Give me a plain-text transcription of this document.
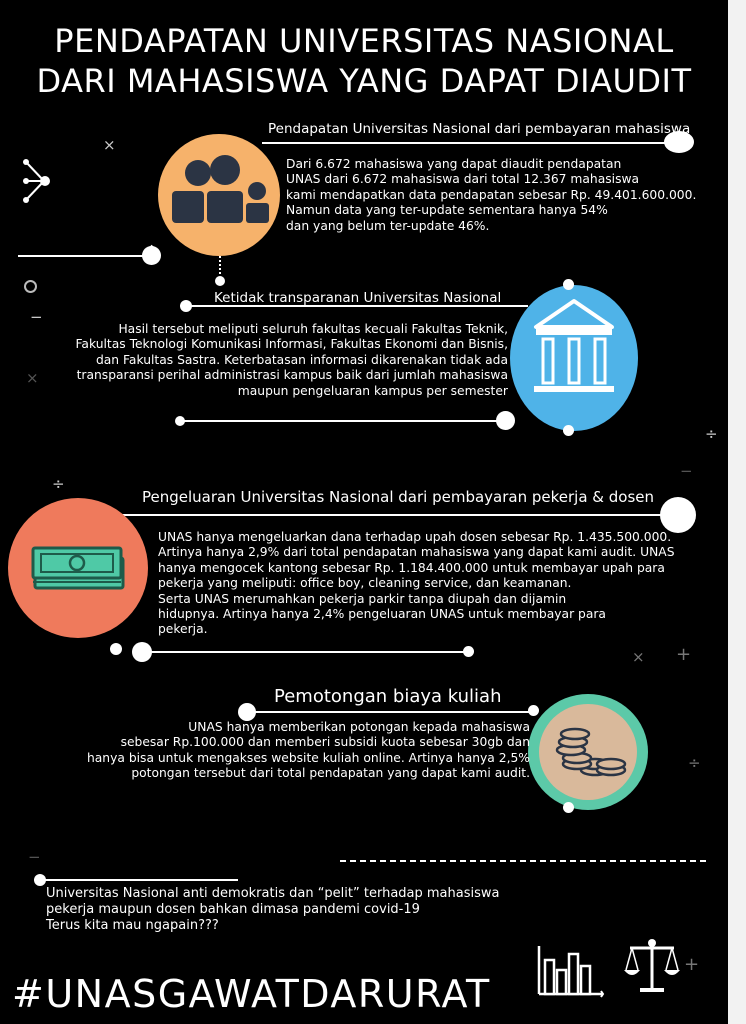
PENDAPATAN UNIVERSITAS NASIONAL
DARI MAHASISWA YANG DAPAT DIAUDIT
×
−
×
÷
÷
−
× +
÷
−
+
Pendapatan Universitas Nasional dari pembayaran mahasiswa
Dari 6.672 mahasiswa yang dapat diaudit pendapatan
UNAS dari 6.672 mahasiswa dari total 12.367 mahasiswa
kami mendapatkan data pendapatan sebesar Rp. 49.401.600.000.
Namun data yang ter-update sementara hanya 54%
dan yang belum ter-update 46%.
Ketidak transparanan Universitas Nasional
Hasil tersebut meliputi seluruh fakultas kecuali Fakultas Teknik,
Fakultas Teknologi Komunikasi Informasi, Fakultas Ekonomi dan Bisnis,
dan Fakultas Sastra. Keterbatasan informasi dikarenakan tidak ada
transparansi perihal administrasi kampus baik dari jumlah mahasiswa
maupun pengeluaran kampus per semester
Pengeluaran Universitas Nasional dari pembayaran pekerja & dosen
UNAS hanya mengeluarkan dana terhadap upah dosen sebesar Rp. 1.435.500.000.
Artinya hanya 2,9% dari total pendapatan mahasiswa yang dapat kami audit. UNAS
hanya mengocek kantong sebesar Rp. 1.184.400.000 untuk membayar upah para
pekerja yang meliputi: office boy, cleaning service, dan keamanan.
Serta UNAS merumahkan pekerja parkir tanpa diupah dan dijamin
hidupnya. Artinya hanya 2,4% pengeluaran UNAS untuk membayar para
pekerja.
Pemotongan biaya kuliah
UNAS hanya memberikan potongan kepada mahasiswa
sebesar Rp.100.000 dan memberi subsidi kuota sebesar 30gb dan
hanya bisa untuk mengakses website kuliah online. Artinya hanya 2,5%
potongan tersebut dari total pendapatan yang dapat kami audit.
Universitas Nasional anti demokratis dan “pelit” terhadap mahasiswa
pekerja maupun dosen bahkan dimasa pandemi covid-19
Terus kita mau ngapain???
#UNASGAWATDARURAT
